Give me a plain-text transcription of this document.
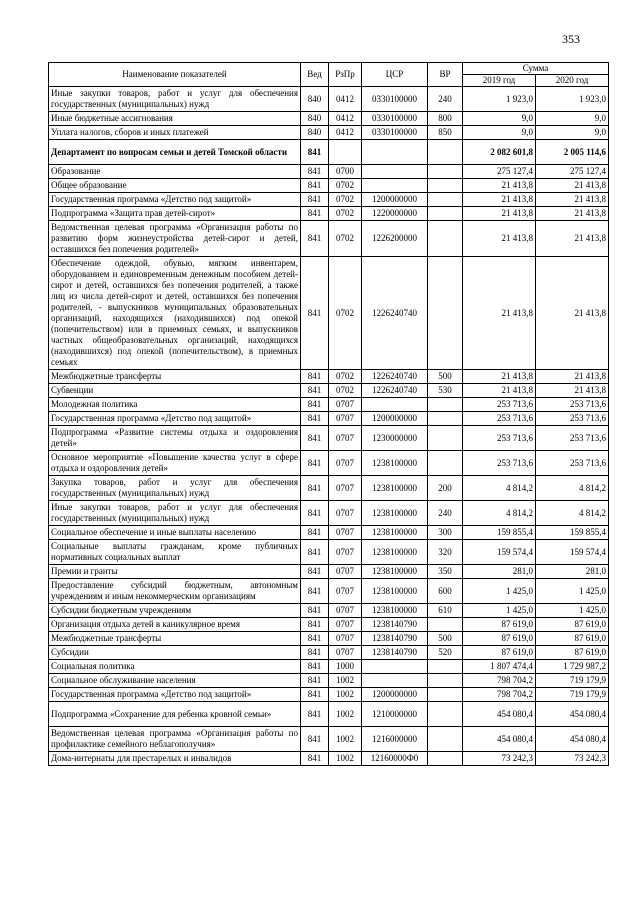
353
Наименование показателей	Вед	РзПр	ЦСР	ВР	Сумма	
					2019 год	2020 год
Иные закупки товаров, работ и услуг для обеспечения государственных (муниципальных) нужд	840	0412	0330100000	240	1 923,0	1 923,0
Иные бюджетные ассигнования	840	0412	0330100000	800	9,0	9,0
Уплата налогов, сборов и иных платежей	840	0412	0330100000	850	9,0	9,0
Департамент по вопросам семьи и детей Томской области	841				2 082 601,8	2 005 114,6
Образование	841	0700			275 127,4	275 127,4
Общее образование	841	0702			21 413,8	21 413,8
Государственная программа «Детство под защитой»	841	0702	1200000000		21 413,8	21 413,8
Подпрограмма «Защита прав детей-сирот»	841	0702	1220000000		21 413,8	21 413,8
Ведомственная целевая программа «Организация работы по развитию форм жизнеустройства детей-сирот и детей, оставшихся без попечения родителей»	841	0702	1226200000		21 413,8	21 413,8
Обеспечение одеждой, обувью, мягким инвентарем, оборудованием и единовременным денежным пособием детей-сирот и детей, оставшихся без попечения родителей, а также лиц из числа детей-сирот и детей, оставшихся без попечения родителей, - выпускников муниципальных образовательных организаций, находящихся (находившихся) под опекой (попечительством) или в приемных семьях, и выпускников частных общеобразовательных организаций, находящихся (находившихся) под опекой (попечительством), в приемных семьях	841	0702	1226240740		21 413,8	21 413,8
Межбюджетные трансферты	841	0702	1226240740	500	21 413,8	21 413,8
Субвенции	841	0702	1226240740	530	21 413,8	21 413,8
Молодежная политика	841	0707			253 713,6	253 713,6
Государственная программа «Детство под защитой»	841	0707	1200000000		253 713,6	253 713,6
Подпрограмма «Развитие системы отдыха и оздоровления детей»	841	0707	1230000000		253 713,6	253 713,6
Основное мероприятие «Повышение качества услуг в сфере отдыха и оздоровления детей»	841	0707	1238100000		253 713,6	253 713,6
Закупка товаров, работ и услуг для обеспечения государственных (муниципальных) нужд	841	0707	1238100000	200	4 814,2	4 814,2
Иные закупки товаров, работ и услуг для обеспечения государственных (муниципальных) нужд	841	0707	1238100000	240	4 814,2	4 814,2
Социальное обеспечение и иные выплаты населению	841	0707	1238100000	300	159 855,4	159 855,4
Социальные выплаты гражданам, кроме публичных нормативных социальных выплат	841	0707	1238100000	320	159 574,4	159 574,4
Премии и гранты	841	0707	1238100000	350	281,0	281,0
Предоставление субсидий бюджетным, автономным учреждениям и иным некоммерческим организациям	841	0707	1238100000	600	1 425,0	1 425,0
Субсидии бюджетным учреждениям	841	0707	1238100000	610	1 425,0	1 425,0
Организация отдыха детей в каникулярное время	841	0707	1238140790		87 619,0	87 619,0
Межбюджетные трансферты	841	0707	1238140790	500	87 619,0	87 619,0
Субсидии	841	0707	1238140790	520	87 619,0	87 619,0
Социальная политика	841	1000			1 807 474,4	1 729 987,2
Социальное обслуживание населения	841	1002			798 704,2	719 179,9
Государственная программа «Детство под защитой»	841	1002	1200000000		798 704,2	719 179,9
Подпрограмма «Сохранение для ребенка кровной семьи»	841	1002	1210000000		454 080,4	454 080,4
Ведомственная целевая программа «Организация работы по профилактике семейного неблагополучия»	841	1002	1216000000		454 080,4	454 080,4
Дома-интернаты для престарелых и инвалидов	841	1002	12160000Ф0		73 242,3	73 242,3
